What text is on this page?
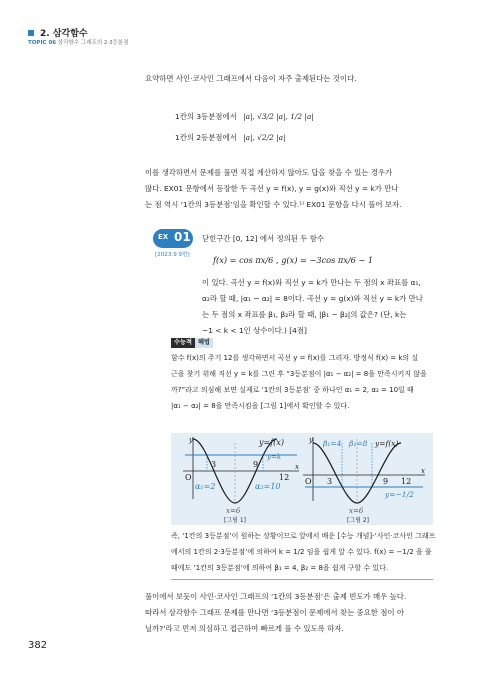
2. 삼각함수
TOPIC 06 삼각함수 그래프의 2·3등분점
요약하면 사인·코사인 그래프에서 다음이 자주 출제된다는 것이다.
1칸의 3등분점에서 |a|, √3/2 |a|, 1/2 |a|
1칸의 2등분점에서 |a|, √2/2 |a|
이를 생각하면서 문제를 풀면 직접 계산하지 않아도 답을 찾을 수 있는 경우가
많다. EX01 문항에서 등장한 두 곡선 y = f(x), y = g(x)와 직선 y = k가 만나
는 점 역시 ‘1칸의 3등분점’임을 확인할 수 있다.¹⁾ EX01 문항을 다시 풀어 보자.
EX 01
[2023.9 9번]
닫힌구간 [0, 12] 에서 정의된 두 함수
f(x) = cos πx/6 , g(x) = −3cos πx/6 − 1
이 있다. 곡선 y = f(x)와 직선 y = k가 만나는 두 점의 x 좌표를 α₁,
α₂라 할 때, |α₁ − α₂| = 8이다. 곡선 y = g(x)와 직선 y = k가 만나
는 두 점의 x 좌표를 β₁, β₂라 할 때, |β₁ − β₂|의 값은? (단, k는
−1 < k < 1인 상수이다.) [4점]
수능적 해법
함수 f(x)의 주기 12를 생각하면서 곡선 y = f(x)를 그리자. 방정식 f(x) = k의 실
근을 찾기 위해 직선 y = k를 그린 후 “3등분점이 |α₁ − α₂| = 8을 만족시키지 않을
까?”라고 의심해 보면 실제로 ‘1칸의 3등분점’ 중 하나인 α₁ = 2, α₂ = 10일 때
|α₁ − α₂| = 8을 만족시킴을 [그림 1]에서 확인할 수 있다.
y=f(x)
y=k
y
x
O
3	9
12
α₁=2	α₂=10
x=6
[그림 1]
β₁=4 β₂=8 y=f(x)
y
x
O 3	9 12
y=−1/2
x=6
[그림 2]
즉, ‘1칸의 3등분점’이 원하는 상황이므로 앞에서 배운 [수능 개념]-‘사인·코사인 그래프
에서의 1칸의 2·3등분점’에 의하여 k = 1/2 임을 쉽게 알 수 있다. f(x) = −1/2 을 풀
때에도 ‘1칸의 3등분점’에 의하여 β₁ = 4, β₂ = 8을 쉽게 구할 수 있다.
풀이에서 보듯이 사인·코사인 그래프의 ‘1칸의 3등분점’은 출제 빈도가 매우 높다.
따라서 삼각함수 그래프 문제를 만나면 ‘3등분점이 문제에서 찾는 중요한 점이 아
닐까?’라고 먼저 의심하고 접근하여 빠르게 풀 수 있도록 하자.
382
